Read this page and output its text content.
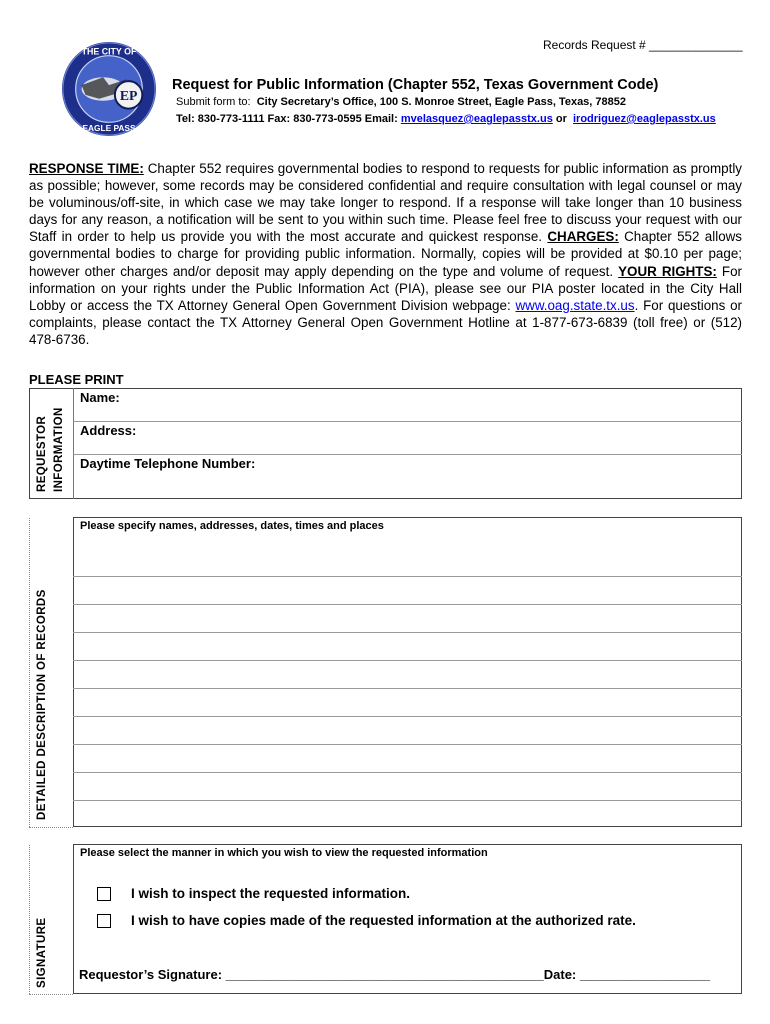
Records Request # ______________
EP
THE CITY OF
EAGLE PASS
Request for Public Information (Chapter 552, Texas Government Code)
Submit form to: City Secretary’s Office, 100 S. Monroe Street, Eagle Pass, Texas, 78852
Tel: 830-773-1111 Fax: 830-773-0595 Email: mvelasquez@eaglepasstx.us or irodriguez@eaglepasstx.us
RESPONSE TIME: Chapter 552 requires governmental bodies to respond to requests for public information as promptly as possible; however, some records may be considered confidential and require consultation with legal counsel or may be voluminous/off-site, in which case we may take longer to respond. If a response will take longer than 10 business days for any reason, a notification will be sent to you within such time. Please feel free to discuss your request with our Staff in order to help us provide you with the most accurate and quickest response. CHARGES: Chapter 552 allows governmental bodies to charge for providing public information. Normally, copies will be provided at $0.10 per page; however other charges and/or deposit may apply depending on the type and volume of request. YOUR RIGHTS: For information on your rights under the Public Information Act (PIA), please see our PIA poster located in the City Hall Lobby or access the TX Attorney General Open Government Division webpage: www.oag.state.tx.us. For questions or complaints, please contact the TX Attorney General Open Government Hotline at 1-877-673-6839 (toll free) or (512) 478-6736.
PLEASE PRINT
REQUESTOR INFORMATION
Name:
Address:
Daytime Telephone Number:
Please specify names, addresses, dates, times and places
DETAILED DESCRIPTION OF RECORDS
Please select the manner in which you wish to view the requested information
I wish to inspect the requested information.
I wish to have copies made of the requested information at the authorized rate.
Requestor’s Signature: ____________________________________________Date: __________________
SIGNATURE
